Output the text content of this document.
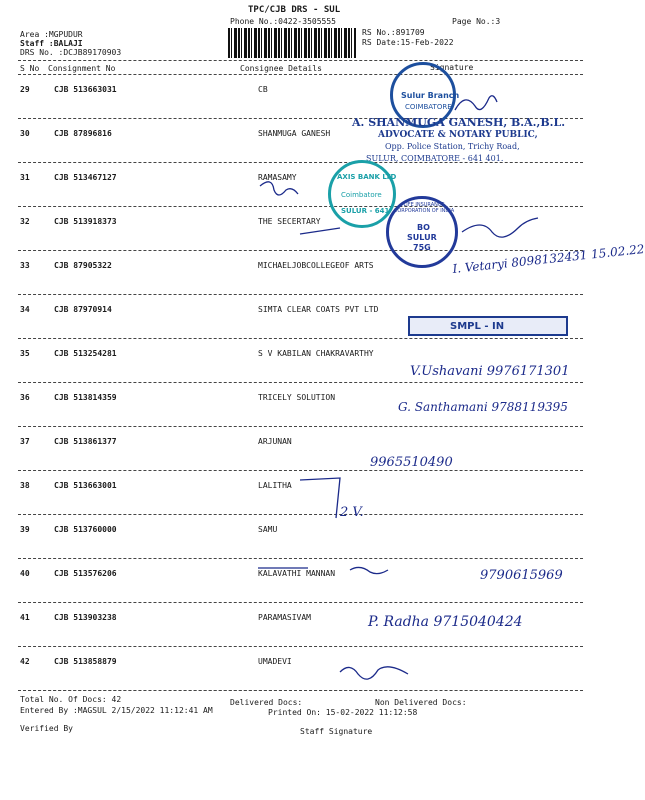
TPC/CJB DRS - SUL
Phone No.:0422-3505555	Page No.:3
Area :MGPUDUR
Staff :BALAJI
DRS No. :DCJB89170903
RS No.:891709
RS Date:15-Feb-2022
S No Consignment No	Consignee Details	Signature
29	CJB 513663031	CB
30	CJB 87896816	SHANMUGA GANESH
31	CJB 513467127	RAMASAMY
32	CJB 513918373	THE SECERTARY
33	CJB 87905322	MICHAELJOBCOLLEGEOF ARTS
34	CJB 87970914	SIMTA CLEAR COATS PVT LTD
35	CJB 513254281	S V KABILAN CHAKRAVARTHY
36	CJB 513814359	TRICELY SOLUTION
37	CJB 513861377	ARJUNAN
38	CJB 513663001	LALITHA
39	CJB 513760000	SAMU
40	CJB 513576206	KALAVATHI MANNAN
41	CJB 513903238	PARAMASIVAM
42	CJB 513858879	UMADEVI
I. Vetaryi 8098132431 15.02.22
V.Ushavani 9976171301
G. Santhamani 9788119395
9965510490
2 V.
9790615969
P. Radha 9715040424
Sulur Branch
COIMBATORE
A. SHANMUGA GANESH, B.A.,B.L.
ADVOCATE & NOTARY PUBLIC,
Opp. Police Station, Trichy Road,
SULUR, COIMBATORE - 641 401.
AXIS BANK LTD
Coimbatore
SULUR - 641
LIFE INSURANCE CORPORATION OF INDIA
BO
SULUR
75G
SMPL - IN
Total No. Of Docs: 42	Delivered Docs:	Non Delivered Docs:
Entered By :MAGSUL 2/15/2022 11:12:41 AM	Printed On: 15-02-2022 11:12:58
Verified By	Staff Signature
